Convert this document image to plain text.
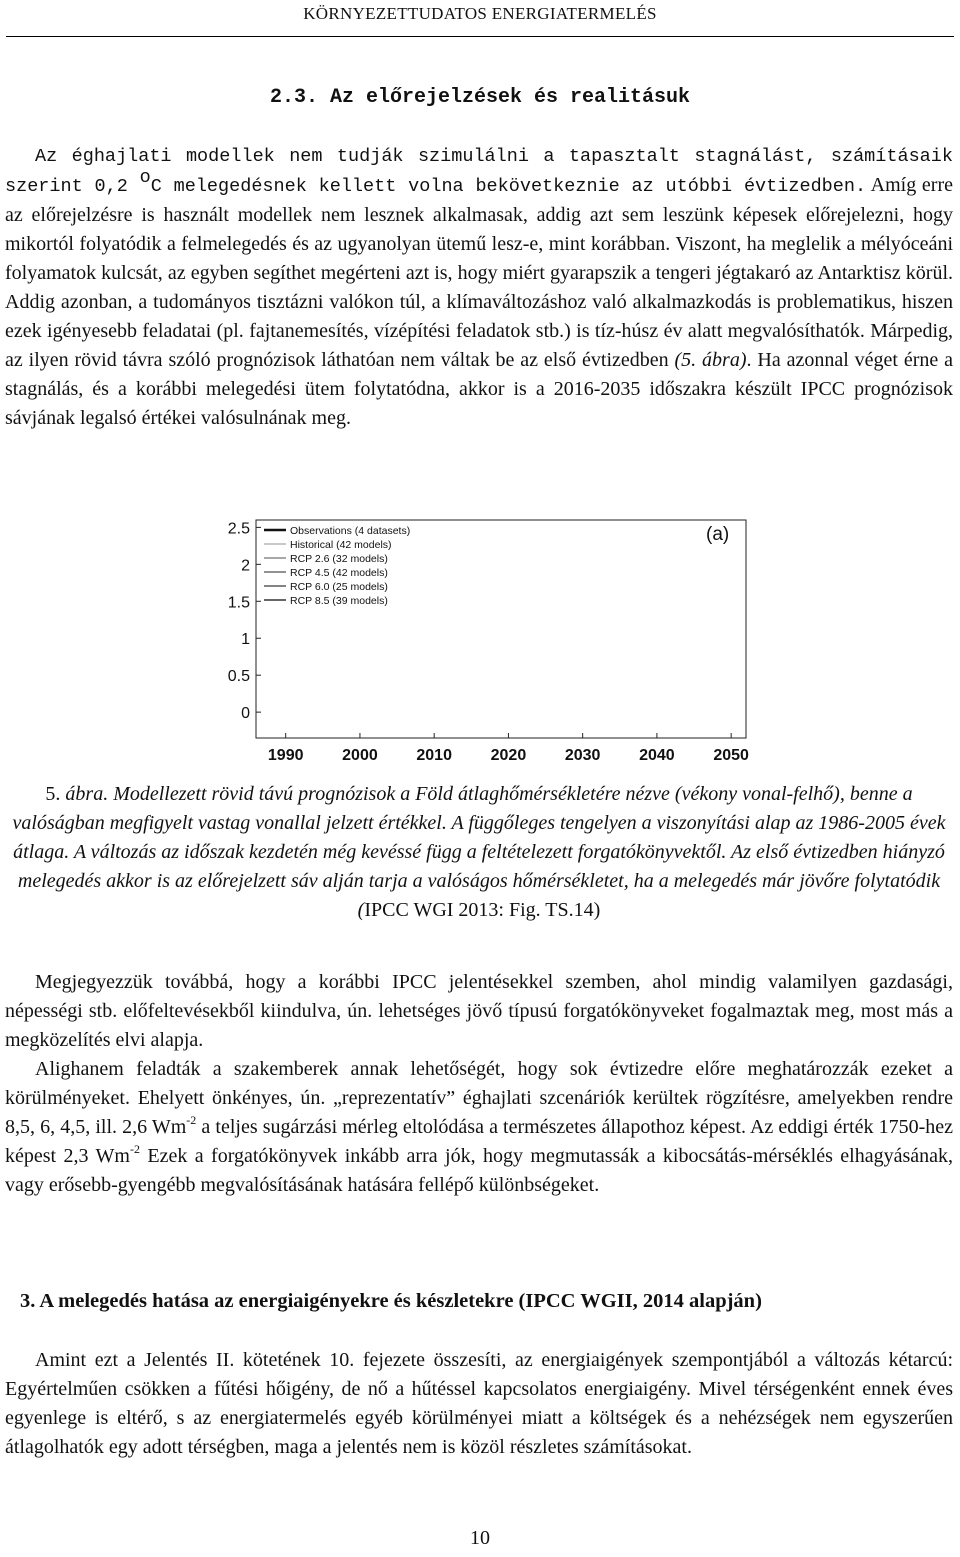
KÖRNYEZETTUDATOS ENERGIATERMELÉS
2.3. Az előrejelzések és realitásuk

Az éghajlati modellek nem tudják szimulálni a tapasztalt stagnálást, számításaik szerint 0,2 $^o$C melegedésnek kellett volna bekövetkeznie az utóbbi évtizedben. Amíg erre az előrejelzésre is használt modellek nem lesznek alkalmasak, addig azt sem leszünk képesek előrejelezni, hogy mikortól folyatódik a felmelegedés és az ugyanolyan ütemű lesz-e, mint korábban. Viszont, ha meglelik a mélyóceáni folyamatok kulcsát, az egyben segíthet megérteni azt is, hogy miért gyarapszik a tengeri jégtakaró az Antarktisz körül. Addig azonban, a tudományos tisztázni valókon túl, a klímaváltozáshoz való alkalmazkodás is problematikus, hiszen ezek igényesebb feladatai (pl. fajtanemesítés, vízépítési feladatok stb.) is tíz-húsz év alatt megvalósíthatók. Márpedig, az ilyen rövid távra szóló prognózisok láthatóan nem váltak be az első évtizedben (5. ábra). Ha azonnal véget érne a stagnálás, és a korábbi melegedési ütem folytatódna, akkor is a 2016-2035 időszakra készült IPCC prognózisok sávjának legalsó értékei valósulnának meg.

0
0.5
1
1.5
2
2.5
1990 2000 2010 2020 2030 2040 2050
(a)
Observations (4 datasets)
Historical (42 models)
RCP 2.6 (32 models)
RCP 4.5 (42 models)
RCP 6.0 (25 models)
RCP 8.5 (39 models)
5. ábra. Modellezett rövid távú prognózisok a Föld átlaghőmérsékletére nézve (vékony vonal-felhő), benne a valóságban megfigyelt vastag vonallal jelzett értékkel. A függőleges tengelyen a viszonyítási alap az 1986-2005 évek átlaga. A változás az időszak kezdetén még kevéssé függ a feltételezett forgatókönyvektől. Az első évtizedben hiányzó melegedés akkor is az előrejelzett sáv alján tarja a valóságos hőmérsékletet, ha a melegedés már jövőre folytatódik (IPCC WGI 2013: Fig. TS.14)

Megjegyezzük továbbá, hogy a korábbi IPCC jelentésekkel szemben, ahol mindig valamilyen gazdasági, népességi stb. előfeltevésekből kiindulva, ún. lehetséges jövő típusú forgatókönyveket fogalmaztak meg, most más a megközelítés elvi alapja.

Alighanem feladták a szakemberek annak lehetőségét, hogy sok évtizedre előre meghatározzák ezeket a körülményeket. Ehelyett önkényes, ún. „reprezentatív” éghajlati szcenáriók kerültek rögzítésre, amelyekben rendre 8,5, 6, 4,5, ill. 2,6 $Wm^{-2}$ a teljes sugárzási mérleg eltolódása a természetes állapothoz képest. Az eddigi érték 1750-hez képest 2,3 $Wm^{-2}$ Ezek a forgatókönyvek inkább arra jók, hogy megmutassák a kibocsátás-mérséklés elhagyásának, vagy erősebb-gyengébb megvalósításának hatására fellépő különbségeket.

3. A melegedés hatása az energiaigényekre és készletekre (IPCC WGII, 2014 alapján)

Amint ezt a Jelentés II. kötetének 10. fejezete összesíti, az energiaigények szempontjából a változás kétarcú: Egyértelműen csökken a fűtési hőigény, de nő a hűtéssel kapcsolatos energiaigény. Mivel térségenként ennek éves egyenlege is eltérő, s az energiatermelés egyéb körülményei miatt a költségek és a nehézségek nem egyszerűen átlagolhatók egy adott térségben, maga a jelentés nem is közöl részletes számításokat.

10
